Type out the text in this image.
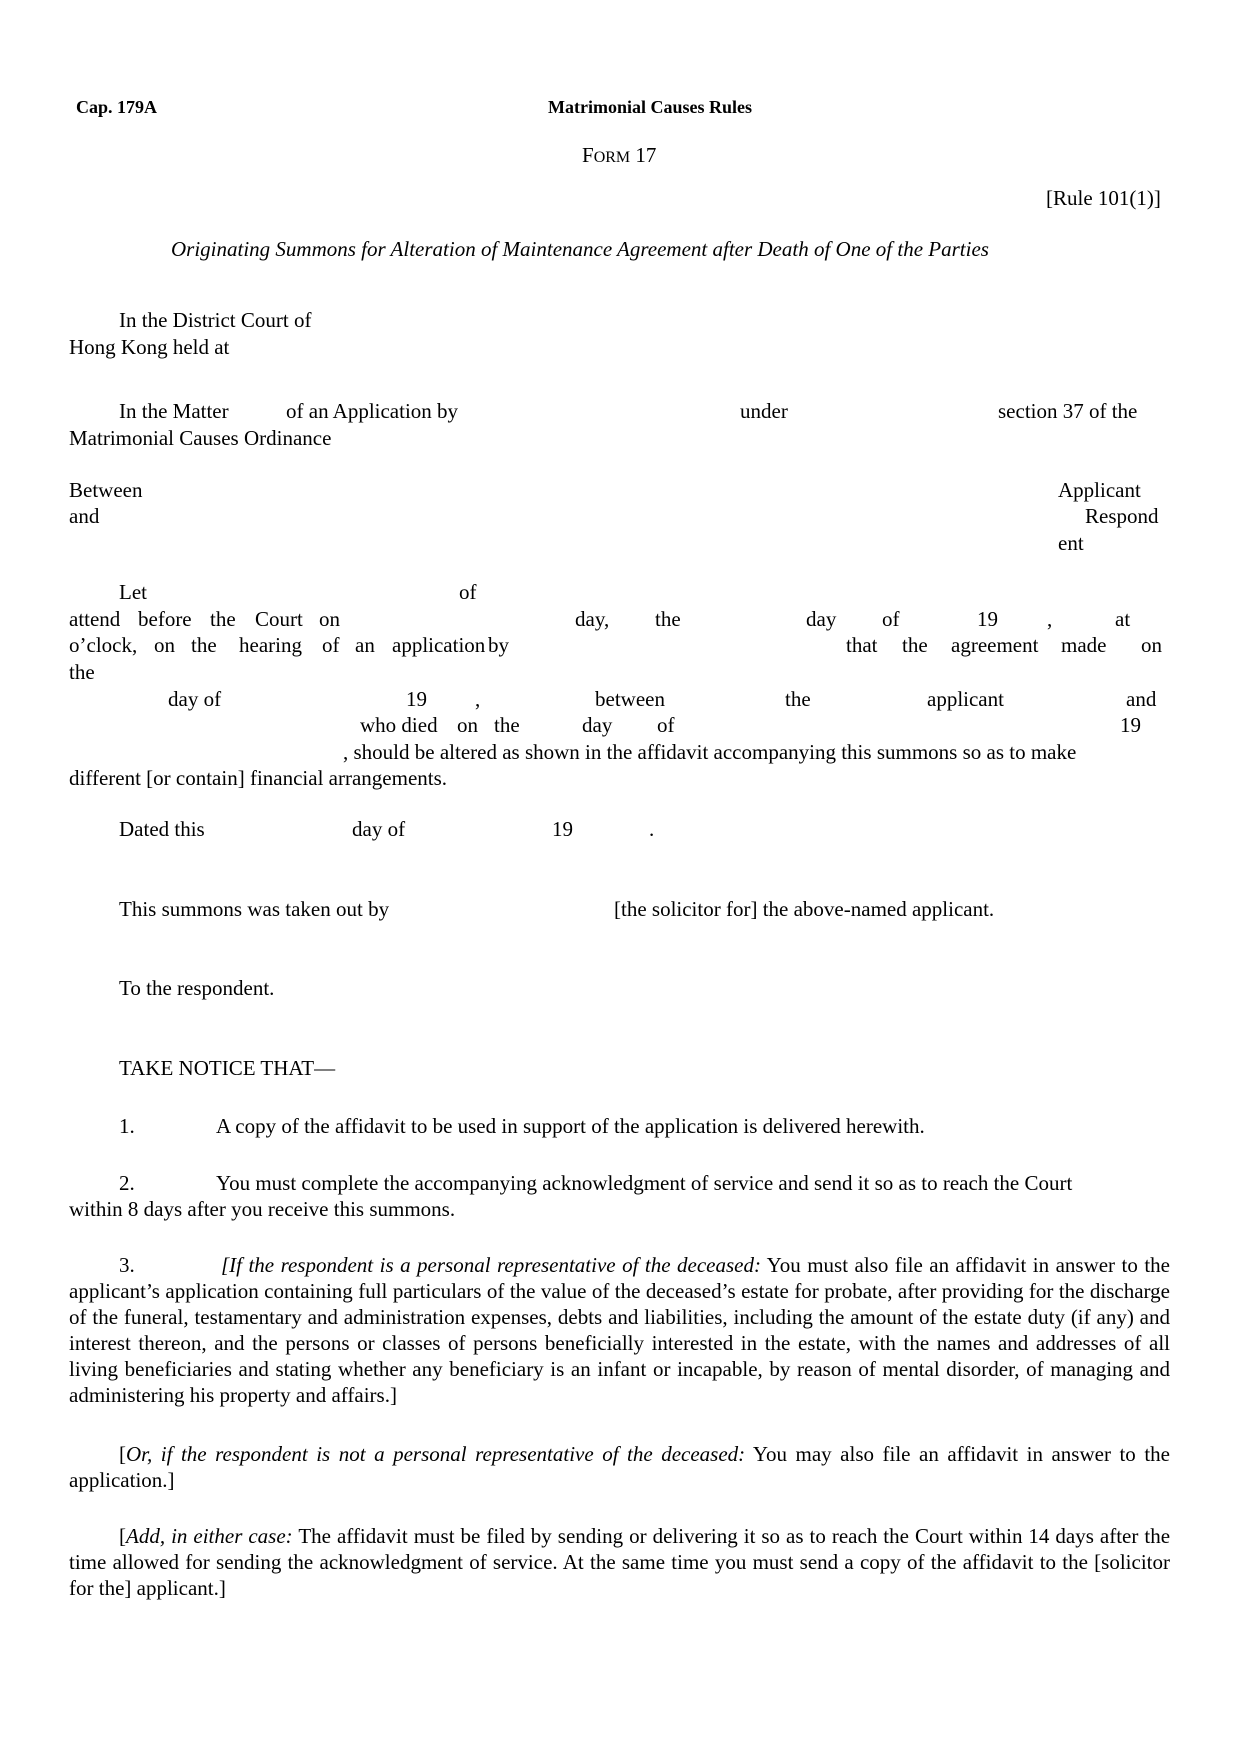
Cap. 179A	Matrimonial Causes Rules
FORM 17
[Rule 101(1)]
Originating Summons for Alteration of Maintenance Agreement after Death of One of the Parties
In the District Court of
Hong Kong held at
In the Matter	of an Application by	under	section 37 of the
Matrimonial Causes Ordinance
Between	Applicant
and	Respond
ent
Let	of
attend before the Court on	day, the	day of	19 ,	at
o’clock, on the hearing of an application by	that the agreement made on
the
day of	19 ,	between	the	applicant	and
who died on the	day of	19
, should be altered as shown in the affidavit accompanying this summons so as to make
different [or contain] financial arrangements.
Dated this	day of	19	.
This summons was taken out by	[the solicitor for] the above-named applicant.
To the respondent.
TAKE NOTICE THAT—
1.	A copy of the affidavit to be used in support of the application is delivered herewith.
2.	You must complete the accompanying acknowledgment of service and send it so as to reach the Court
within 8 days after you receive this summons.
3.	[If the respondent is a personal representative of the deceased: You must also file an affidavit in answer to the applicant’s application containing full particulars of the value of the deceased’s estate for probate, after providing for the discharge of the funeral, testamentary and administration expenses, debts and liabilities, including the amount of the estate duty (if any) and interest thereon, and the persons or classes of persons beneficially interested in the estate, with the names and addresses of all living beneficiaries and stating whether any beneficiary is an infant or incapable, by reason of mental disorder, of managing and administering his property and affairs.]
[Or, if the respondent is not a personal representative of the deceased: You may also file an affidavit in answer to the application.]
[Add, in either case: The affidavit must be filed by sending or delivering it so as to reach the Court within 14 days after the time allowed for sending the acknowledgment of service. At the same time you must send a copy of the affidavit to the [solicitor for the] applicant.]
